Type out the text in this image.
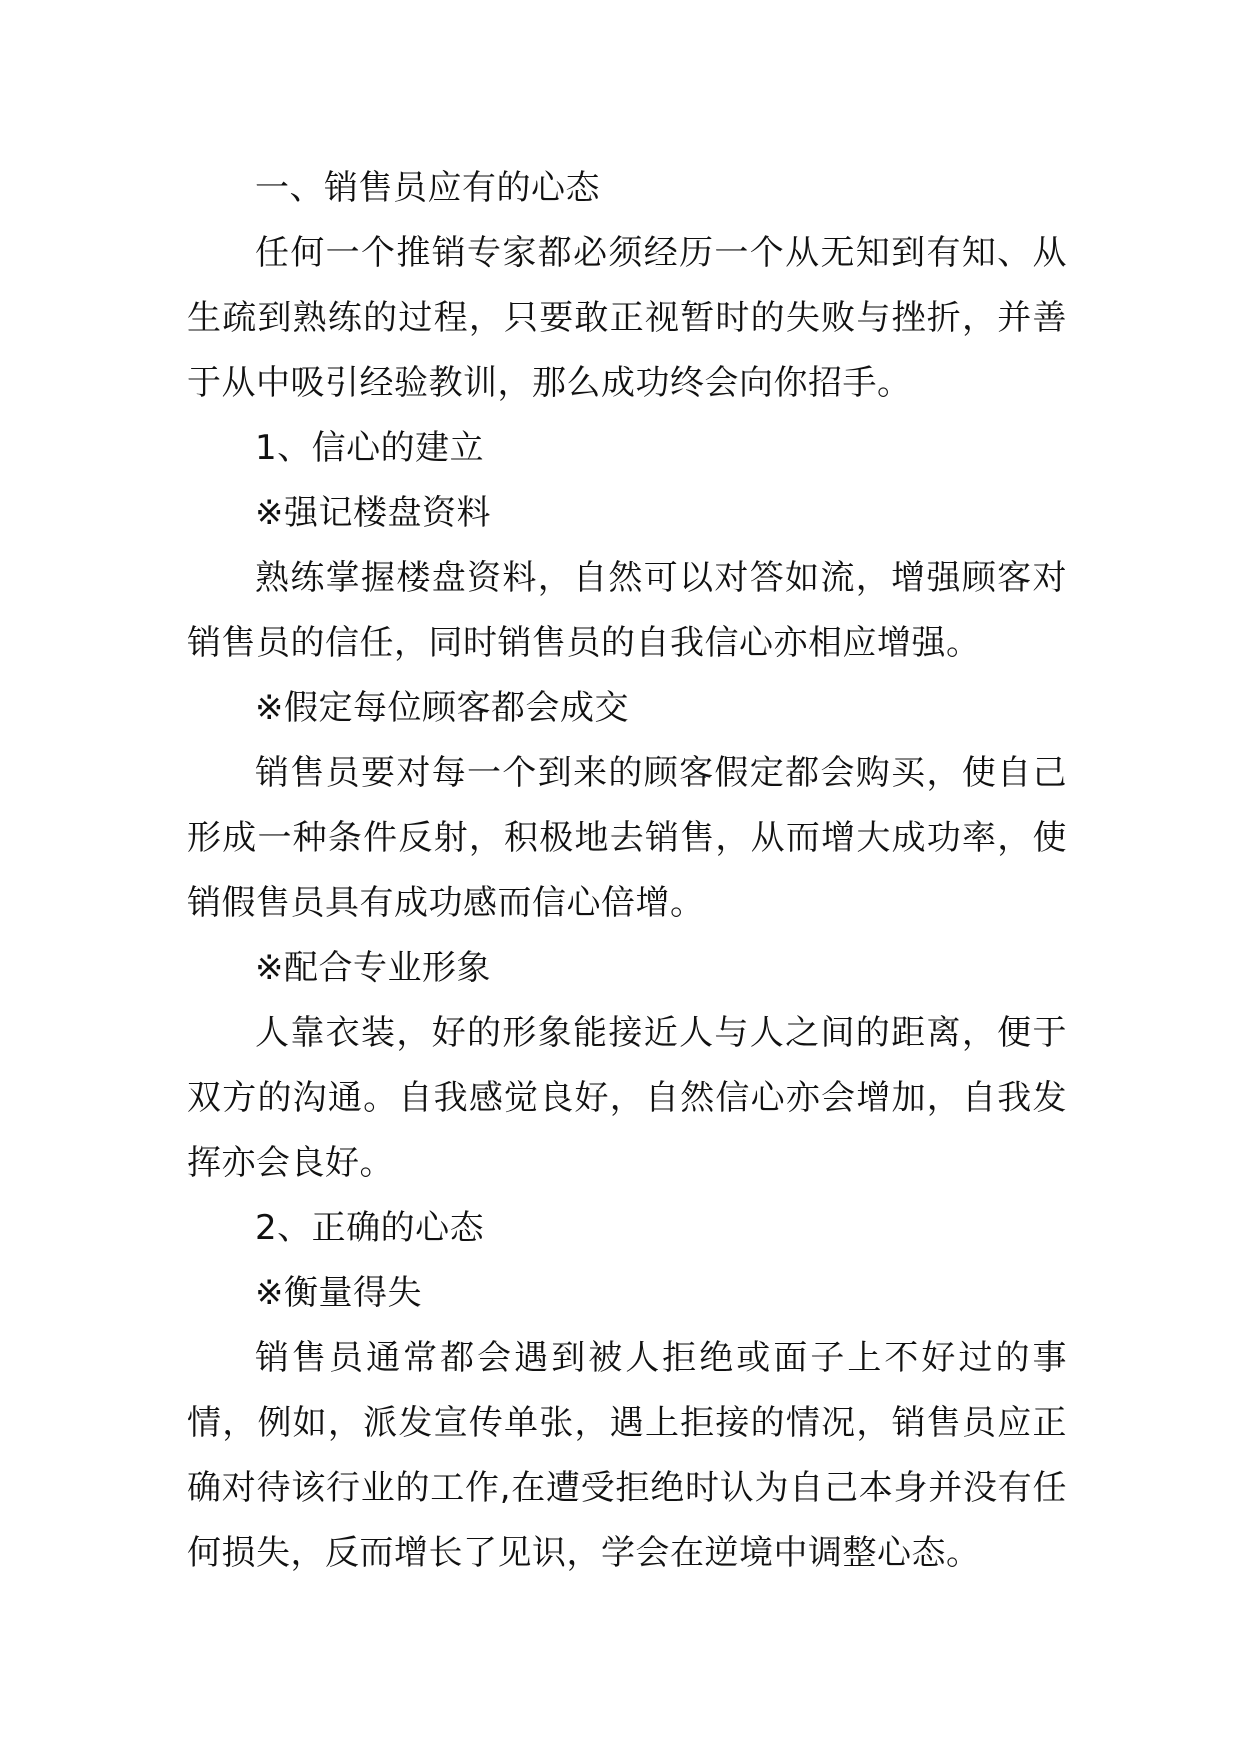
一、销售员应有的心态

任何一个推销专家都必须经历一个从无知到有知、从生疏到熟练的过程，只要敢正视暂时的失败与挫折，并善于从中吸引经验教训，那么成功终会向你招手。

1、信心的建立

※强记楼盘资料

熟练掌握楼盘资料，自然可以对答如流，增强顾客对销售员的信任，同时销售员的自我信心亦相应增强。

※假定每位顾客都会成交

销售员要对每一个到来的顾客假定都会购买，使自己形成一种条件反射，积极地去销售，从而增大成功率，使销假售员具有成功感而信心倍增。

※配合专业形象

人靠衣装，好的形象能接近人与人之间的距离，便于双方的沟通。自我感觉良好，自然信心亦会增加，自我发挥亦会良好。

2、正确的心态

※衡量得失

销售员通常都会遇到被人拒绝或面子上不好过的事情，例如，派发宣传单张，遇上拒接的情况，销售员应正确对待该行业的工作,在遭受拒绝时认为自己本身并没有任何损失，反而增长了见识，学会在逆境中调整心态。
